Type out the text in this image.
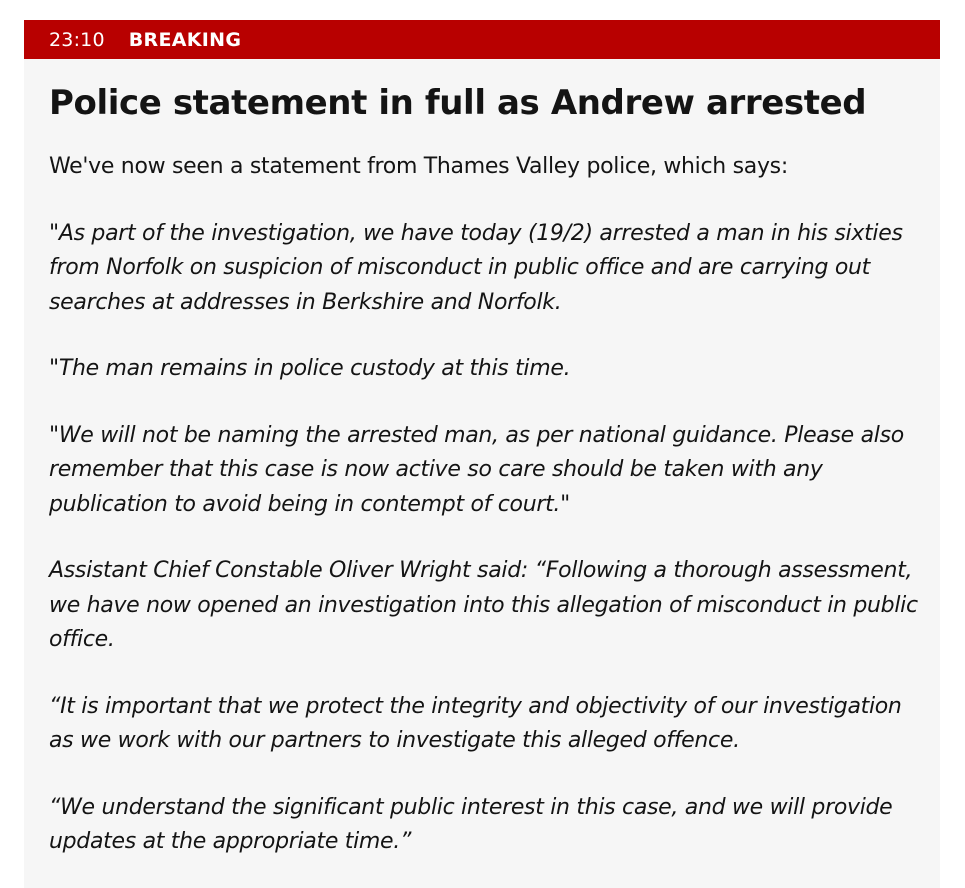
23:10 BREAKING
Police statement in full as Andrew arrested

We've now seen a statement from Thames Valley police, which says:

"As part of the investigation, we have today (19/2) arrested a man in his sixties from Norfolk on suspicion of misconduct in public office and are carrying out searches at addresses in Berkshire and Norfolk.

"The man remains in police custody at this time.

"We will not be naming the arrested man, as per national guidance. Please also remember that this case is now active so care should be taken with any publication to avoid being in contempt of court."

Assistant Chief Constable Oliver Wright said: “Following a thorough assessment, we have now opened an investigation into this allegation of misconduct in public office.

“It is important that we protect the integrity and objectivity of our investigation as we work with our partners to investigate this alleged offence.

“We understand the significant public interest in this case, and we will provide updates at the appropriate time.”
